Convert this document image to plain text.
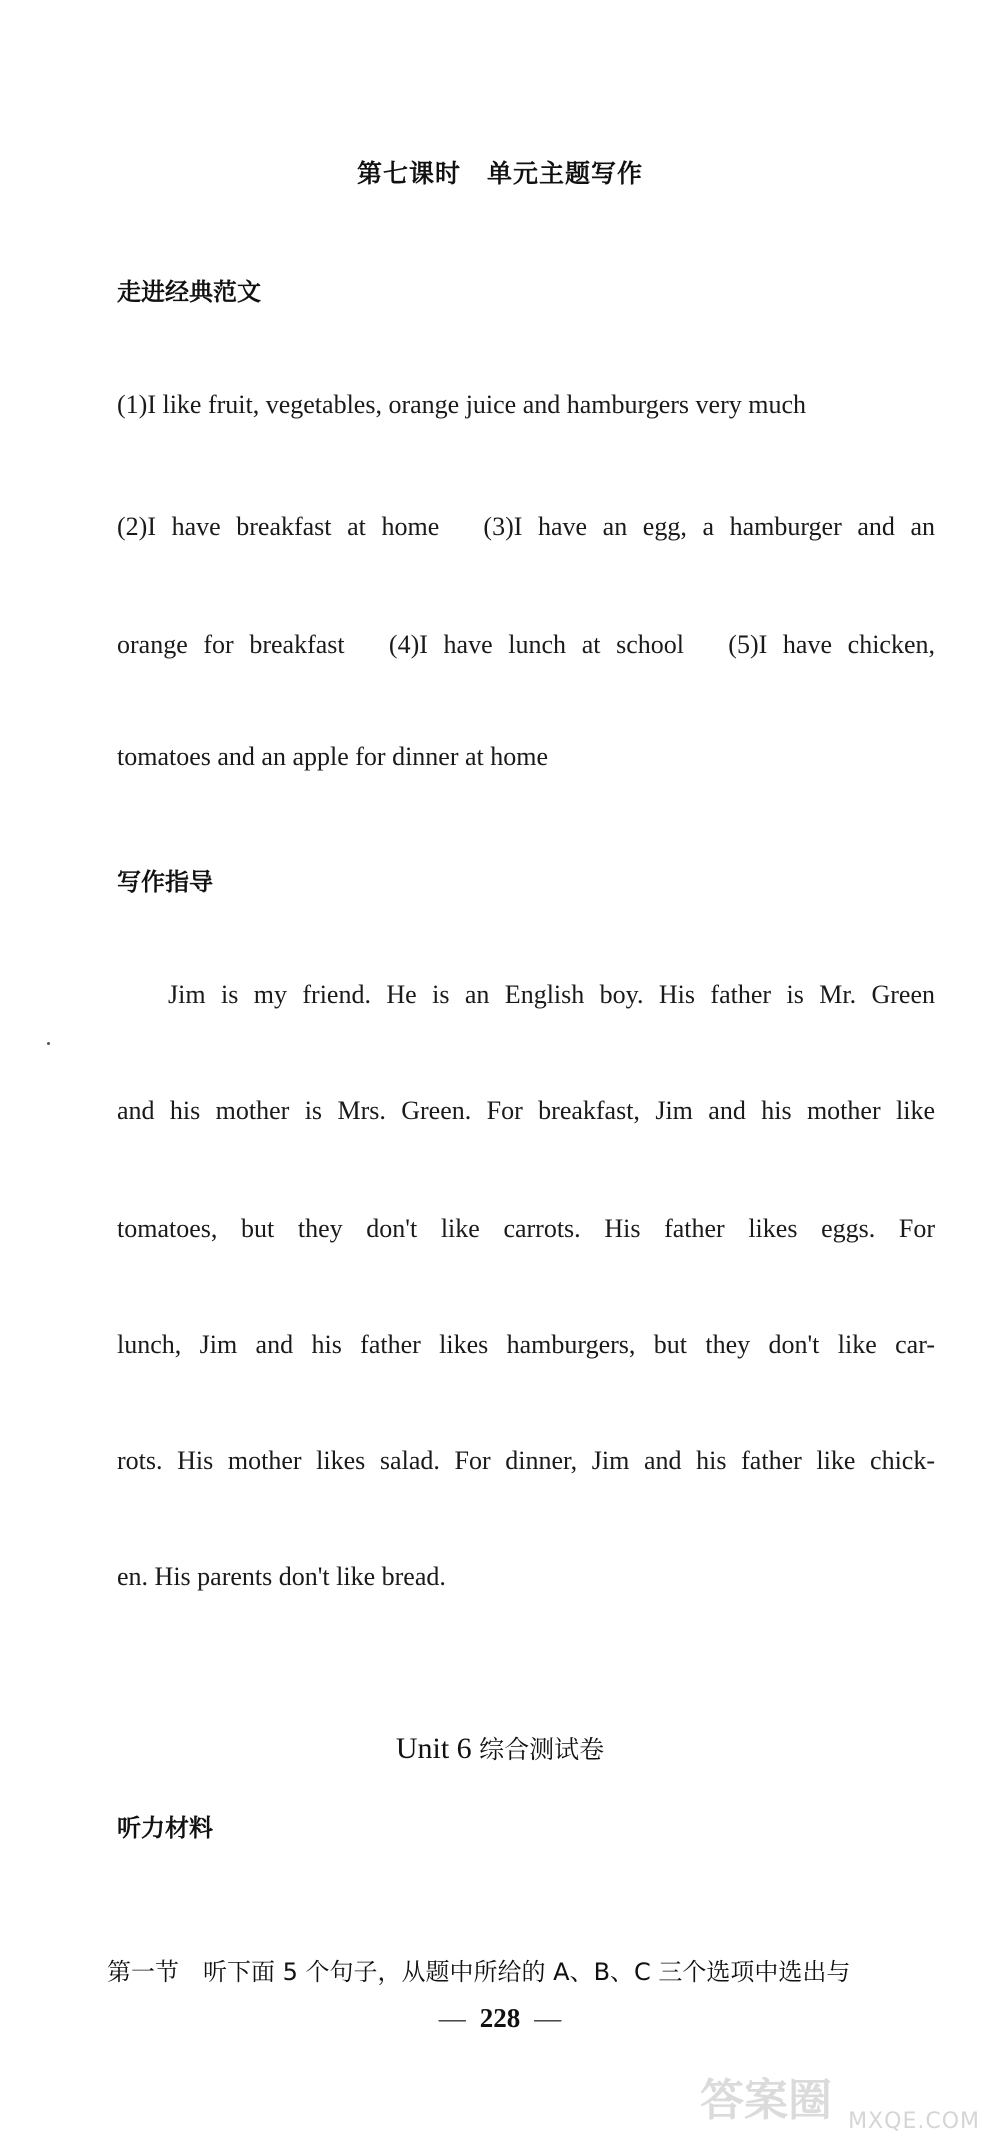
第七课时　单元主题写作
走进经典范文
(1)I like fruit, vegetables, orange juice and hamburgers very much
(2)I have breakfast at home　(3)I have an egg, a hamburger and an
orange for breakfast　(4)I have lunch at school　(5)I have chicken,
tomatoes and an apple for dinner at home
写作指导
Jim is my friend. He is an English boy. His father is Mr. Green
and his mother is Mrs. Green. For breakfast, Jim and his mother like
tomatoes, but they don't like carrots. His father likes eggs. For
lunch, Jim and his father likes hamburgers, but they don't like car-
rots. His mother likes salad. For dinner, Jim and his father like chick-
en. His parents don't like bread.
Unit 6 综合测试卷
听力材料
第一节　听下面 5 个句子，从题中所给的 A、B、C 三个选项中选出与
— 228 —
答案圈 MXQE.COM
